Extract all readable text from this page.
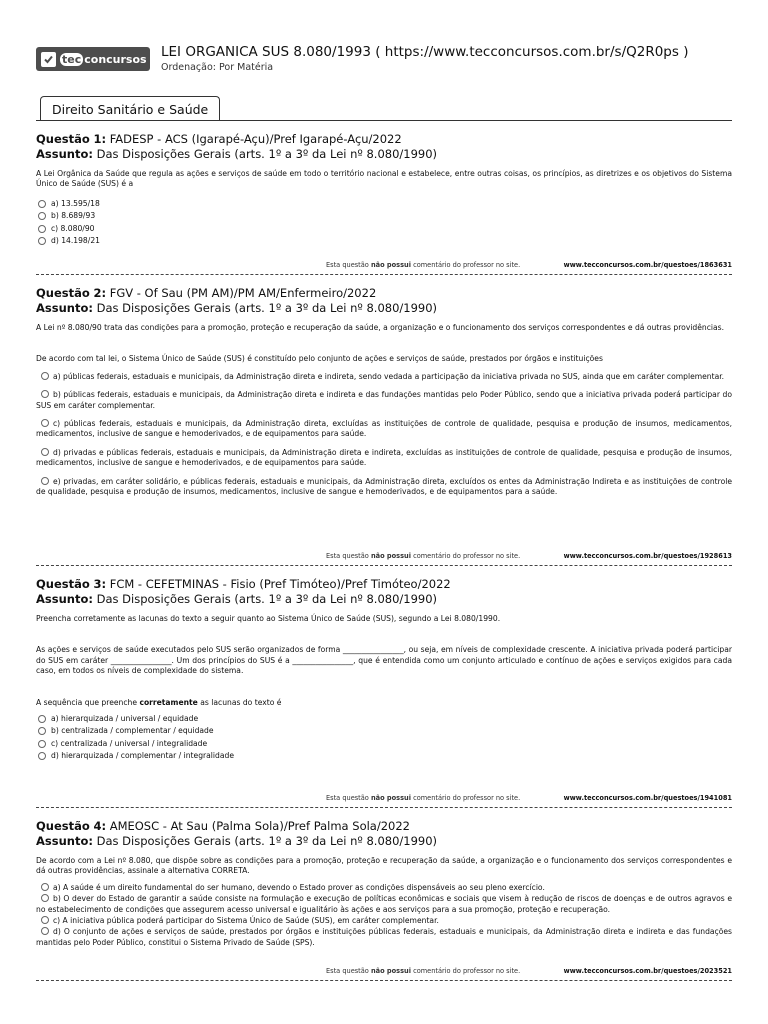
tec concursos LEI ORGANICA SUS 8.080/1993 ( https://www.tecconcursos.com.br/s/Q2R0ps )
Ordenação: Por Matéria
Direito Sanitário e Saúde
Questão 1: FADESP - ACS (Igarapé-Açu)/Pref Igarapé-Açu/2022
Assunto: Das Disposições Gerais (arts. 1º a 3º da Lei nº 8.080/1990)
A Lei Orgânica da Saúde que regula as ações e serviços de saúde em todo o território nacional e estabelece, entre outras coisas, os princípios, as diretrizes e os objetivos do Sistema Único de Saúde (SUS) é a
a) 13.595/18
b) 8.689/93
c) 8.080/90
d) 14.198/21
Esta questão não possui comentário do professor no site.	www.tecconcursos.com.br/questoes/1863631
Questão 2: FGV - Of Sau (PM AM)/PM AM/Enfermeiro/2022
Assunto: Das Disposições Gerais (arts. 1º a 3º da Lei nº 8.080/1990)
A Lei nº 8.080/90 trata das condições para a promoção, proteção e recuperação da saúde, a organização e o funcionamento dos serviços correspondentes e dá outras providências.
De acordo com tal lei, o Sistema Único de Saúde (SUS) é constituído pelo conjunto de ações e serviços de saúde, prestados por órgãos e instituições
a) públicas federais, estaduais e municipais, da Administração direta e indireta, sendo vedada a participação da iniciativa privada no SUS, ainda que em caráter complementar.
b) públicas federais, estaduais e municipais, da Administração direta e indireta e das fundações mantidas pelo Poder Público, sendo que a iniciativa privada poderá participar do SUS em caráter complementar.
c) públicas federais, estaduais e municipais, da Administração direta, excluídas as instituições de controle de qualidade, pesquisa e produção de insumos, medicamentos, medicamentos, inclusive de sangue e hemoderivados, e de equipamentos para saúde.
d) privadas e públicas federais, estaduais e municipais, da Administração direta e indireta, excluídas as instituições de controle de qualidade, pesquisa e produção de insumos, medicamentos, inclusive de sangue e hemoderivados, e de equipamentos para saúde.
e) privadas, em caráter solidário, e públicas federais, estaduais e municipais, da Administração direta, excluídos os entes da Administração Indireta e as instituições de controle de qualidade, pesquisa e produção de insumos, medicamentos, inclusive de sangue e hemoderivados, e de equipamentos para a saúde.
Esta questão não possui comentário do professor no site.	www.tecconcursos.com.br/questoes/1928613
Questão 3: FCM - CEFETMINAS - Fisio (Pref Timóteo)/Pref Timóteo/2022
Assunto: Das Disposições Gerais (arts. 1º a 3º da Lei nº 8.080/1990)
Preencha corretamente as lacunas do texto a seguir quanto ao Sistema Único de Saúde (SUS), segundo a Lei 8.080/1990.
As ações e serviços de saúde executados pelo SUS serão organizados de forma ________________, ou seja, em níveis de complexidade crescente. A iniciativa privada poderá participar do SUS em caráter ________________. Um dos princípios do SUS é a ________________, que é entendida como um conjunto articulado e contínuo de ações e serviços exigidos para cada caso, em todos os níveis de complexidade do sistema.
A sequência que preenche corretamente as lacunas do texto é
a) hierarquizada / universal / equidade
b) centralizada / complementar / equidade
c) centralizada / universal / integralidade
d) hierarquizada / complementar / integralidade
Esta questão não possui comentário do professor no site.	www.tecconcursos.com.br/questoes/1941081
Questão 4: AMEOSC - At Sau (Palma Sola)/Pref Palma Sola/2022
Assunto: Das Disposições Gerais (arts. 1º a 3º da Lei nº 8.080/1990)
De acordo com a Lei nº 8.080, que dispõe sobre as condições para a promoção, proteção e recuperação da saúde, a organização e o funcionamento dos serviços correspondentes e dá outras providências, assinale a alternativa CORRETA.
a) A saúde é um direito fundamental do ser humano, devendo o Estado prover as condições dispensáveis ao seu pleno exercício.
b) O dever do Estado de garantir a saúde consiste na formulação e execução de políticas econômicas e sociais que visem à redução de riscos de doenças e de outros agravos e no estabelecimento de condições que assegurem acesso universal e igualitário às ações e aos serviços para a sua promoção, proteção e recuperação.
c) A iniciativa pública poderá participar do Sistema Único de Saúde (SUS), em caráter complementar.
d) O conjunto de ações e serviços de saúde, prestados por órgãos e instituições públicas federais, estaduais e municipais, da Administração direta e indireta e das fundações mantidas pelo Poder Público, constitui o Sistema Privado de Saúde (SPS).
Esta questão não possui comentário do professor no site.	www.tecconcursos.com.br/questoes/2023521
